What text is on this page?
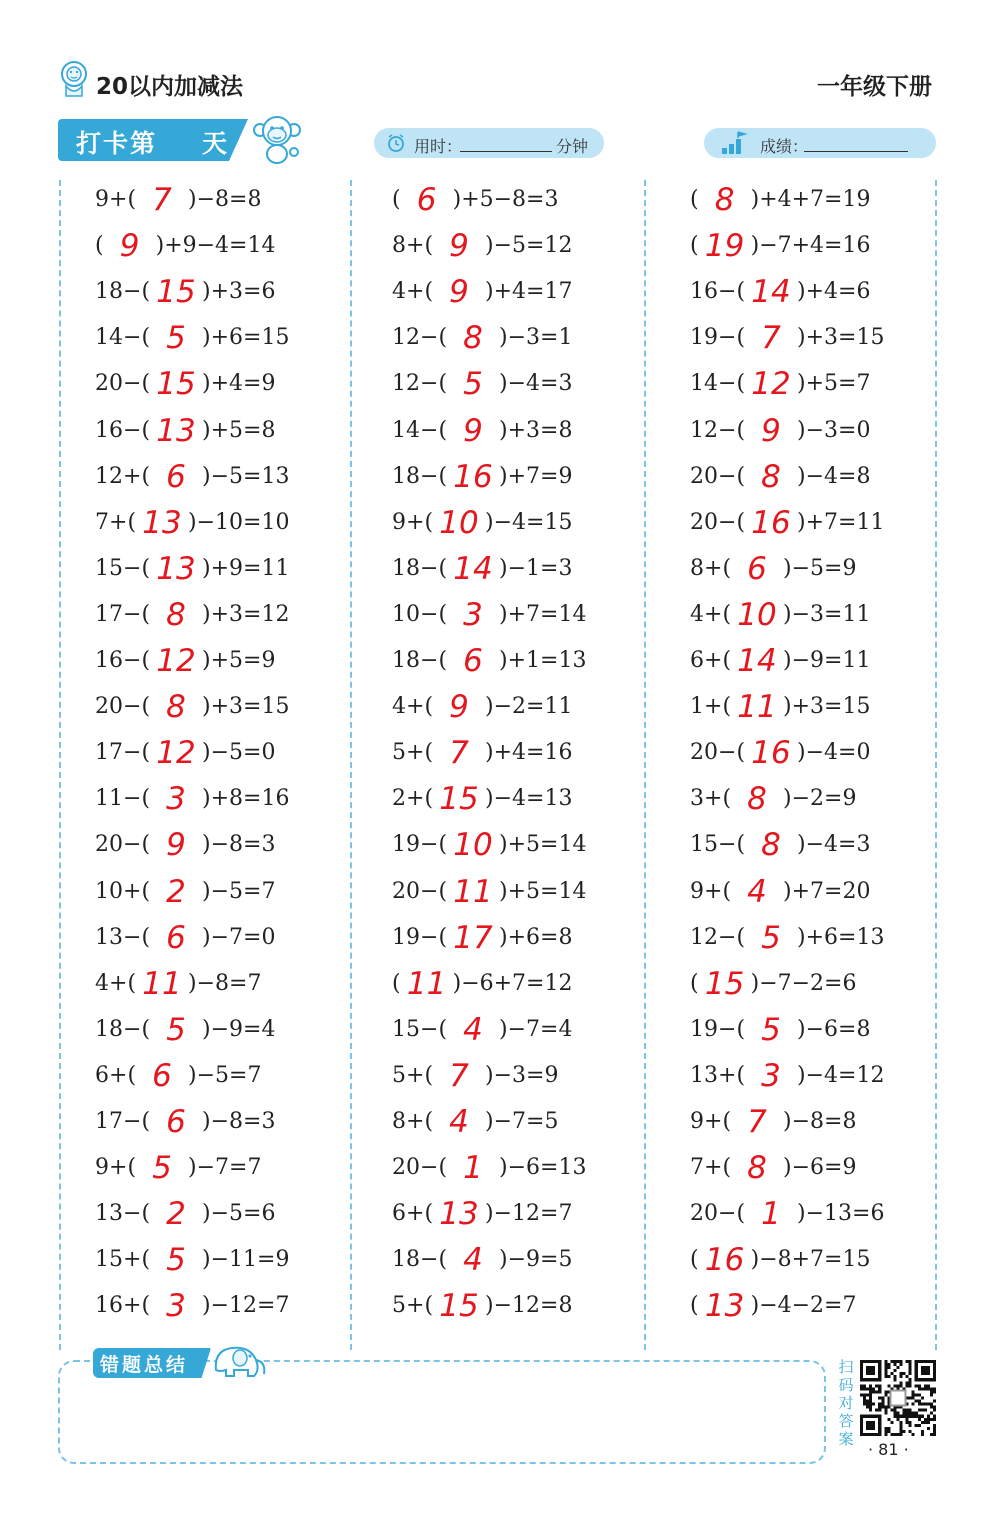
20以内加减法	一年级下册
打卡第 天	用时：	分钟	成绩：
9+( 7 )−8=8
( 9 )+9−4=14
18−( 15 )+3=6
14−( 5 )+6=15
20−( 15 )+4=9
16−( 13 )+5=8
12+( 6 )−5=13
7+( 13 )−10=10
15−( 13 )+9=11
17−( 8 )+3=12
16−( 12 )+5=9
20−( 8 )+3=15
17−( 12 )−5=0
11−( 3 )+8=16
20−( 9 )−8=3
10+( 2 )−5=7
13−( 6 )−7=0
4+( 11 )−8=7
18−( 5 )−9=4
6+( 6 )−5=7
17−( 6 )−8=3
9+( 5 )−7=7
13−( 2 )−5=6
15+( 5 )−11=9
16+( 3 )−12=7
( 6 )+5−8=3
8+( 9 )−5=12
4+( 9 )+4=17
12−( 8 )−3=1
12−( 5 )−4=3
14−( 9 )+3=8
18−( 16 )+7=9
9+( 10 )−4=15
18−( 14 )−1=3
10−( 3 )+7=14
18−( 6 )+1=13
4+( 9 )−2=11
5+( 7 )+4=16
2+( 15 )−4=13
19−( 10 )+5=14
20−( 11 )+5=14
19−( 17 )+6=8
( 11 )−6+7=12
15−( 4 )−7=4
5+( 7 )−3=9
8+( 4 )−7=5
20−( 1 )−6=13
6+( 13 )−12=7
18−( 4 )−9=5
5+( 15 )−12=8
( 8 )+4+7=19
( 19 )−7+4=16
16−( 14 )+4=6
19−( 7 )+3=15
14−( 12 )+5=7
12−( 9 )−3=0
20−( 8 )−4=8
20−( 16 )+7=11
8+( 6 )−5=9
4+( 10 )−3=11
6+( 14 )−9=11
1+( 11 )+3=15
20−( 16 )−4=0
3+( 8 )−2=9
15−( 8 )−4=3
9+( 4 )+7=20
12−( 5 )+6=13
( 15 )−7−2=6
19−( 5 )−6=8
13+( 3 )−4=12
9+( 7 )−8=8
7+( 8 )−6=9
20−( 1 )−13=6
( 16 )−8+7=15
( 13 )−4−2=7
错题总结	扫码对答案
· 81 ·
